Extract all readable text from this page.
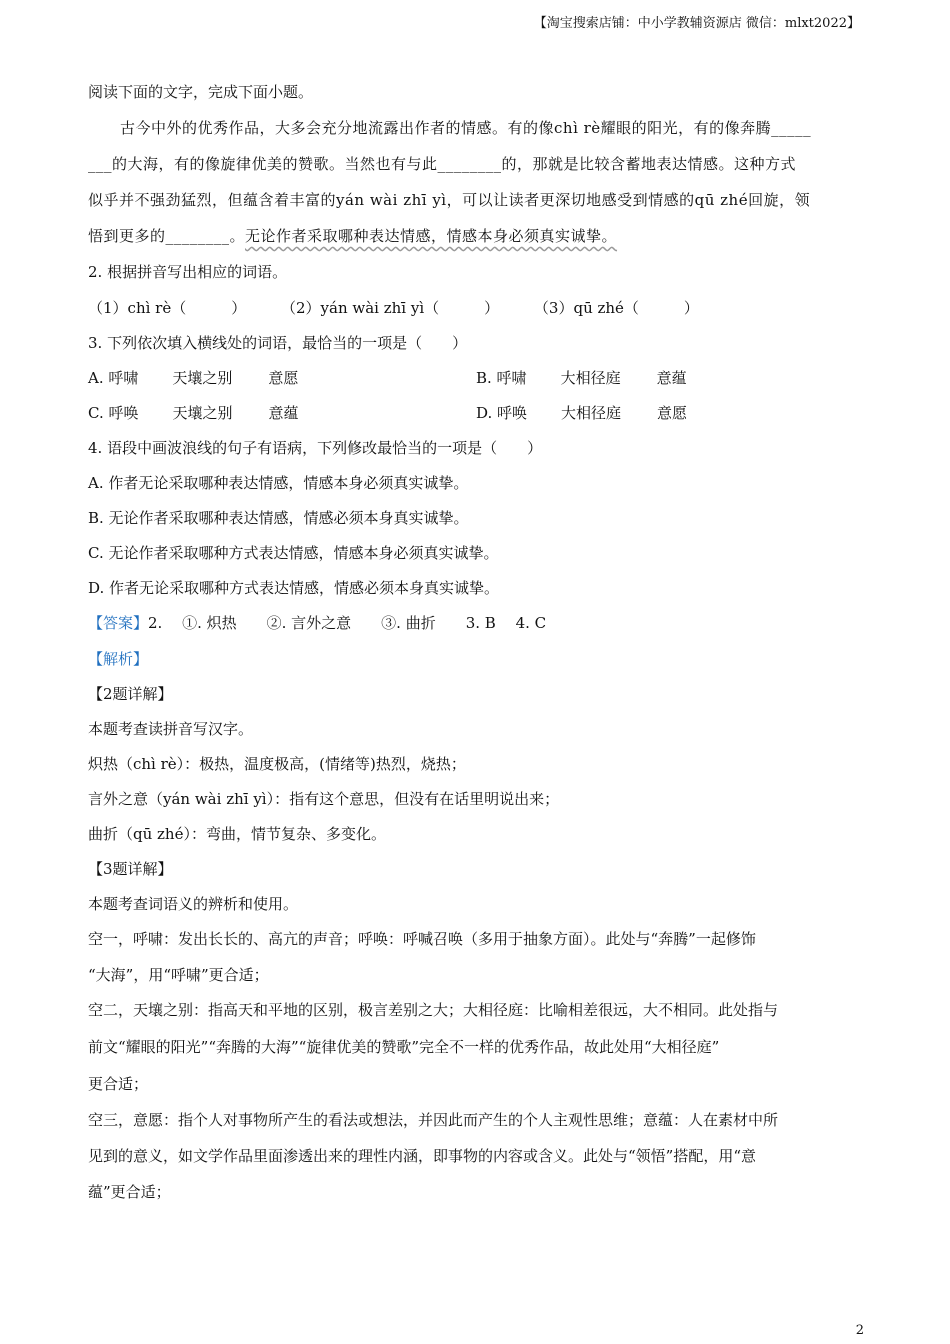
【淘宝搜索店铺：中小学教辅资源店 微信：mlxt2022】
阅读下面的文字，完成下面小题。
古今中外的优秀作品，大多会充分地流露出作者的情感。有的像chì rè耀眼的阳光，有的像奔腾_____
___的大海，有的像旋律优美的赞歌。当然也有与此________的，那就是比较含蓄地表达情感。这种方式
似乎并不强劲猛烈，但蕴含着丰富的yán wài zhī yì，可以让读者更深切地感受到情感的qū zhé回旋，领
悟到更多的________。无论作者采取哪种表达情感，情感本身必须真实诚挚。
2. 根据拼音写出相应的词语。
（1）chì rè（　　　） （2）yán wài zhī yì（　　　） （3）qū zhé（　　　）
3. 下列依次填入横线处的词语，最恰当的一项是（　　）
A. 呼啸 天壤之别 意愿	B. 呼啸 大相径庭 意蕴
C. 呼唤 天壤之别 意蕴	D. 呼唤 大相径庭 意愿
4. 语段中画波浪线的句子有语病，下列修改最恰当的一项是（　　）
A. 作者无论采取哪种表达情感，情感本身必须真实诚挚。
B. 无论作者采取哪种表达情感，情感必须本身真实诚挚。
C. 无论作者采取哪种方式表达情感，情感本身必须真实诚挚。
D. 作者无论采取哪种方式表达情感，情感必须本身真实诚挚。
【答案】2.　 ①. 炽热　　②. 言外之意　　③. 曲折　　3. B　 4. C
【解析】
【2题详解】
本题考查读拼音写汉字。
炽热（chì rè）：极热，温度极高，(情绪等)热烈，烧热；
言外之意（yán wài zhī yì）：指有这个意思，但没有在话里明说出来；
曲折（qū zhé）：弯曲，情节复杂、多变化。
【3题详解】
本题考查词语义的辨析和使用。
空一，呼啸：发出长长的、高亢的声音；呼唤：呼喊召唤（多用于抽象方面）。此处与“奔腾”一起修饰
“大海”，用“呼啸”更合适；
空二，天壤之别：指高天和平地的区别，极言差别之大；大相径庭：比喻相差很远，大不相同。此处指与
前文“耀眼的阳光”“奔腾的大海”“旋律优美的赞歌”完全不一样的优秀作品，故此处用“大相径庭”
更合适；
空三，意愿：指个人对事物所产生的看法或想法，并因此而产生的个人主观性思维；意蕴：人在素材中所
见到的意义，如文学作品里面渗透出来的理性内涵，即事物的内容或含义。此处与“领悟”搭配，用“意
蕴”更合适；
2
